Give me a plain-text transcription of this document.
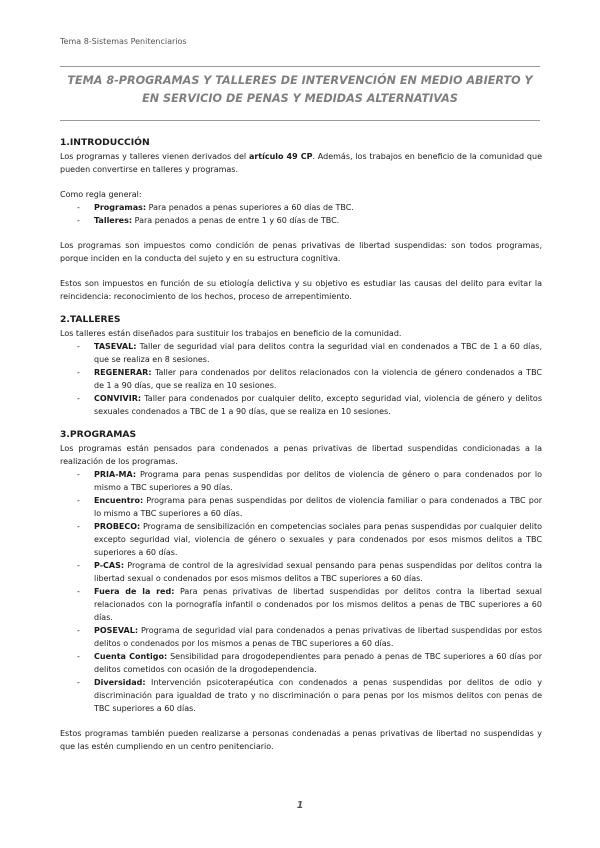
Tema 8-Sistemas Penitenciarios
TEMA 8-PROGRAMAS Y TALLERES DE INTERVENCIÓN EN MEDIO ABIERTO Y
EN SERVICIO DE PENAS Y MEDIDAS ALTERNATIVAS
1.INTRODUCCIÓN

Los programas y talleres vienen derivados del artículo 49 CP. Además, los trabajos en beneficio de la comunidad que pueden convertirse en talleres y programas.

Como regla general:

- Programas: Para penados a penas superiores a 60 días de TBC.
- Talleres: Para penados a penas de entre 1 y 60 días de TBC.

Los programas son impuestos como condición de penas privativas de libertad suspendidas: son todos programas, porque inciden en la conducta del sujeto y en su estructura cognitiva.

Estos son impuestos en función de su etiología delictiva y su objetivo es estudiar las causas del delito para evitar la reincidencia: reconocimiento de los hechos, proceso de arrepentimiento.

2.TALLERES

Los talleres están diseñados para sustituir los trabajos en beneficio de la comunidad.

- TASEVAL: Taller de seguridad vial para delitos contra la seguridad vial en condenados a TBC de 1 a 60 días, que se realiza en 8 sesiones.
- REGENERAR: Taller para condenados por delitos relacionados con la violencia de género condenados a TBC de 1 a 90 días, que se realiza en 10 sesiones.
- CONVIVIR: Taller para condenados por cualquier delito, excepto seguridad vial, violencia de género y delitos sexuales condenados a TBC de 1 a 90 días, que se realiza en 10 sesiones.
3.PROGRAMAS

Los programas están pensados para condenados a penas privativas de libertad suspendidas condicionadas a la realización de los programas.

- PRIA-MA: Programa para penas suspendidas por delitos de violencia de género o para condenados por lo mismo a TBC superiores a 90 días.
- Encuentro: Programa para penas suspendidas por delitos de violencia familiar o para condenados a TBC por lo mismo a TBC superiores a 60 días.
- PROBECO: Programa de sensibilización en competencias sociales para penas suspendidas por cualquier delito excepto seguridad vial, violencia de género o sexuales y para condenados por esos mismos delitos a TBC superiores a 60 días.
- P-CAS: Programa de control de la agresividad sexual pensando para penas suspendidas por delitos contra la libertad sexual o condenados por esos mismos delitos a TBC superiores a 60 días.
- Fuera de la red: Para penas privativas de libertad suspendidas por delitos contra la libertad sexual relacionados con la pornografía infantil o condenados por los mismos delitos a penas de TBC superiores a 60 días.
- POSEVAL: Programa de seguridad vial para condenados a penas privativas de libertad suspendidas por estos delitos o condenados por los mismos a penas de TBC superiores a 60 días.
- Cuenta Contigo: Sensibilidad para drogodependientes para penado a penas de TBC superiores a 60 días por delitos cometidos con ocasión de la drogodependencia.
- Diversidad: Intervención psicoterapéutica con condenados a penas suspendidas por delitos de odio y discriminación para igualdad de trato y no discriminación o para penas por los mismos delitos con penas de TBC superiores a 60 días.

Estos programas también pueden realizarse a personas condenadas a penas privativas de libertad no suspendidas y que las estén cumpliendo en un centro penitenciario.

1
